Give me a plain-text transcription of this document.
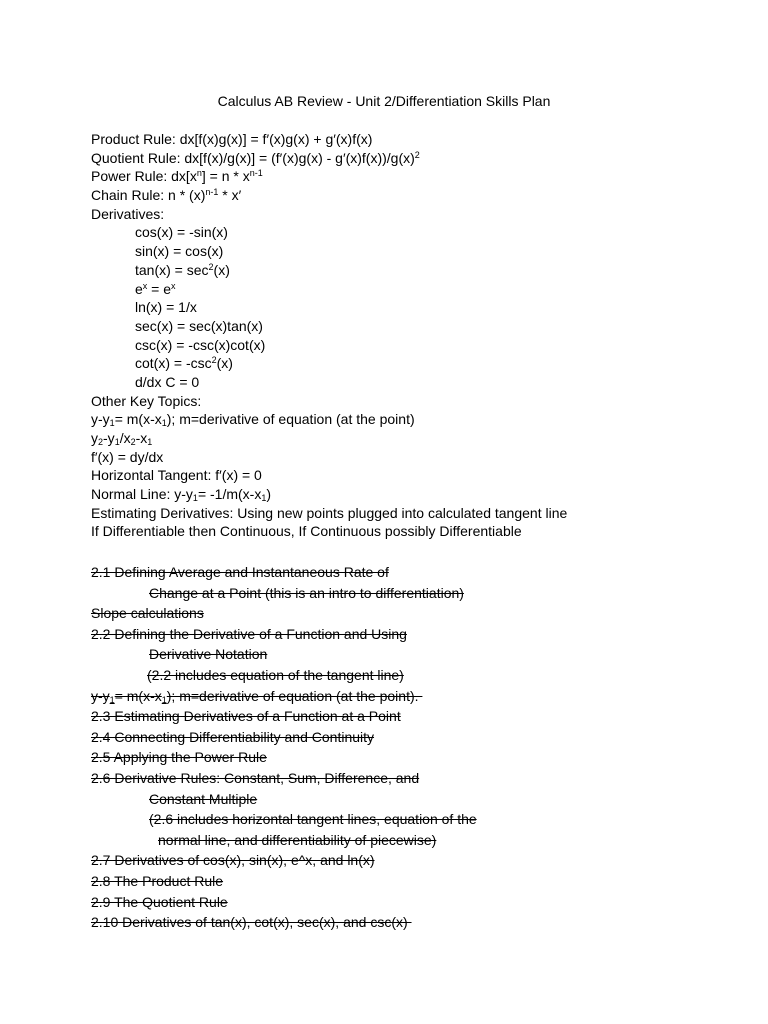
Calculus AB Review - Unit 2/Differentiation Skills Plan
Product Rule: dx[f(x)g(x)] = f′(x)g(x) + g′(x)f(x)
Quotient Rule: $dx[f(x)/g(x)] = (f'(x)g(x) - g'(x)f(x))/g(x)^2$
Power Rule: $dx[x^n] = n * x^{n-1}$
Chain Rule: n * $(x)^{n-1} * x'$
Derivatives:
cos(x) = -sin(x)
sin(x) = cos(x)
$\tan(x) = \sec^2(x)$
$e^x = e^x$
ln(x) = 1/x
sec(x) = sec(x)tan(x)
csc(x) = -csc(x)cot(x)
$\cot(x) = -\csc^2(x)$
d/dx C = 0
Other Key Topics:
$y-y_1= m(x-x_1)$; m=derivative of equation (at the point)
$y_2-y_1/x_2-x_1$
f′(x) = dy/dx
Horizontal Tangent: f′(x) = 0
Normal Line: $y-y_1= -1/m(x-x_1)$
Estimating Derivatives: Using new points plugged into calculated tangent line
If Differentiable then Continuous, If Continuous possibly Differentiable
2.1 Defining Average and Instantaneous Rate of
Change at a Point (this is an intro to differentiation)
Slope calculations
2.2 Defining the Derivative of a Function and Using
Derivative Notation
(2.2 includes equation of the tangent line)
$y-y_1= m(x-x_1)$; m=derivative of equation (at the point).
2.3 Estimating Derivatives of a Function at a Point
2.4 Connecting Differentiability and Continuity
2.5 Applying the Power Rule
2.6 Derivative Rules: Constant, Sum, Difference, and
Constant Multiple
(2.6 includes horizontal tangent lines, equation of the
normal line, and differentiability of piecewise)
2.7 Derivatives of cos(x), sin(x), e^x, and ln(x)
2.8 The Product Rule
2.9 The Quotient Rule
2.10 Derivatives of tan(x), cot(x), sec(x), and csc(x)
